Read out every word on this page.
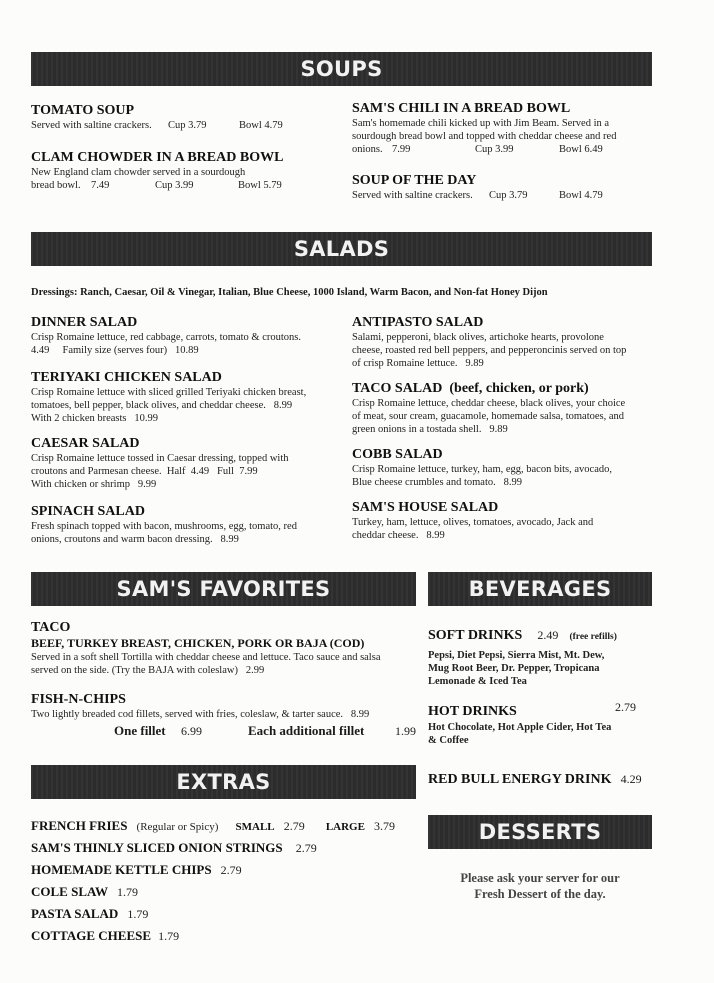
SOUPS
TOMATO SOUP
Served with saltine crackers. Cup 3.79	Bowl 4.79
CLAM CHOWDER IN A BREAD BOWL
New England clam chowder served in a sourdough
bread bowl. 7.49	Cup 3.99	Bowl 5.79
SAM'S CHILI IN A BREAD BOWL
Sam's homemade chili kicked up with Jim Beam. Served in a
sourdough bread bowl and topped with cheddar cheese and red
onions. 7.99	Cup 3.99	Bowl 6.49
SOUP OF THE DAY
Served with saltine crackers. Cup 3.79	Bowl 4.79
SALADS
Dressings: Ranch, Caesar, Oil & Vinegar, Italian, Blue Cheese, 1000 Island, Warm Bacon, and Non-fat Honey Dijon
DINNER SALAD
Crisp Romaine lettuce, red cabbage, carrots, tomato & croutons.
4.49     Family size (serves four)   10.89
TERIYAKI CHICKEN SALAD
Crisp Romaine lettuce with sliced grilled Teriyaki chicken breast,
tomatoes, bell pepper, black olives, and cheddar cheese.   8.99
With 2 chicken breasts   10.99
CAESAR SALAD
Crisp Romaine lettuce tossed in Caesar dressing, topped with
croutons and Parmesan cheese.  Half  4.49   Full  7.99
With chicken or shrimp   9.99
SPINACH SALAD
Fresh spinach topped with bacon, mushrooms, egg, tomato, red
onions, croutons and warm bacon dressing.   8.99
ANTIPASTO SALAD
Salami, pepperoni, black olives, artichoke hearts, provolone
cheese, roasted red bell peppers, and pepperoncinis served on top
of crisp Romaine lettuce.   9.89
TACO SALAD  (beef, chicken, or pork)
Crisp Romaine lettuce, cheddar cheese, black olives, your choice
of meat, sour cream, guacamole, homemade salsa, tomatoes, and
green onions in a tostada shell.   9.89
COBB SALAD
Crisp Romaine lettuce, turkey, ham, egg, bacon bits, avocado,
Blue cheese crumbles and tomato.   8.99
SAM'S HOUSE SALAD
Turkey, ham, lettuce, olives, tomatoes, avocado, Jack and
cheddar cheese.   8.99
SAM'S FAVORITES
TACO
BEEF, TURKEY BREAST, CHICKEN, PORK OR BAJA (COD)
Served in a soft shell Tortilla with cheddar cheese and lettuce. Taco sauce and salsa
served on the side. (Try the BAJA with coleslaw)   2.99
FISH-N-CHIPS
Two lightly breaded cod fillets, served with fries, coleslaw, & tarter sauce.   8.99
One fillet 6.99	Each additional fillet	1.99
BEVERAGES
SOFT DRINKS 2.49 (free refills)
Pepsi, Diet Pepsi, Sierra Mist, Mt. Dew,
Mug Root Beer, Dr. Pepper, Tropicana
Lemonade & Iced Tea
HOT DRINKS	2.79
Hot Chocolate, Hot Apple Cider, Hot Tea
& Coffee
RED BULL ENERGY DRINK 4.29
EXTRAS
FRENCH FRIES (Regular or Spicy) SMALL 2.79 LARGE 3.79
SAM'S THINLY SLICED ONION STRINGS 2.79
HOMEMADE KETTLE CHIPS 2.79
COLE SLAW 1.79
PASTA SALAD 1.79
COTTAGE CHEESE 1.79
DESSERTS
Please ask your server for our
Fresh Dessert of the day.
